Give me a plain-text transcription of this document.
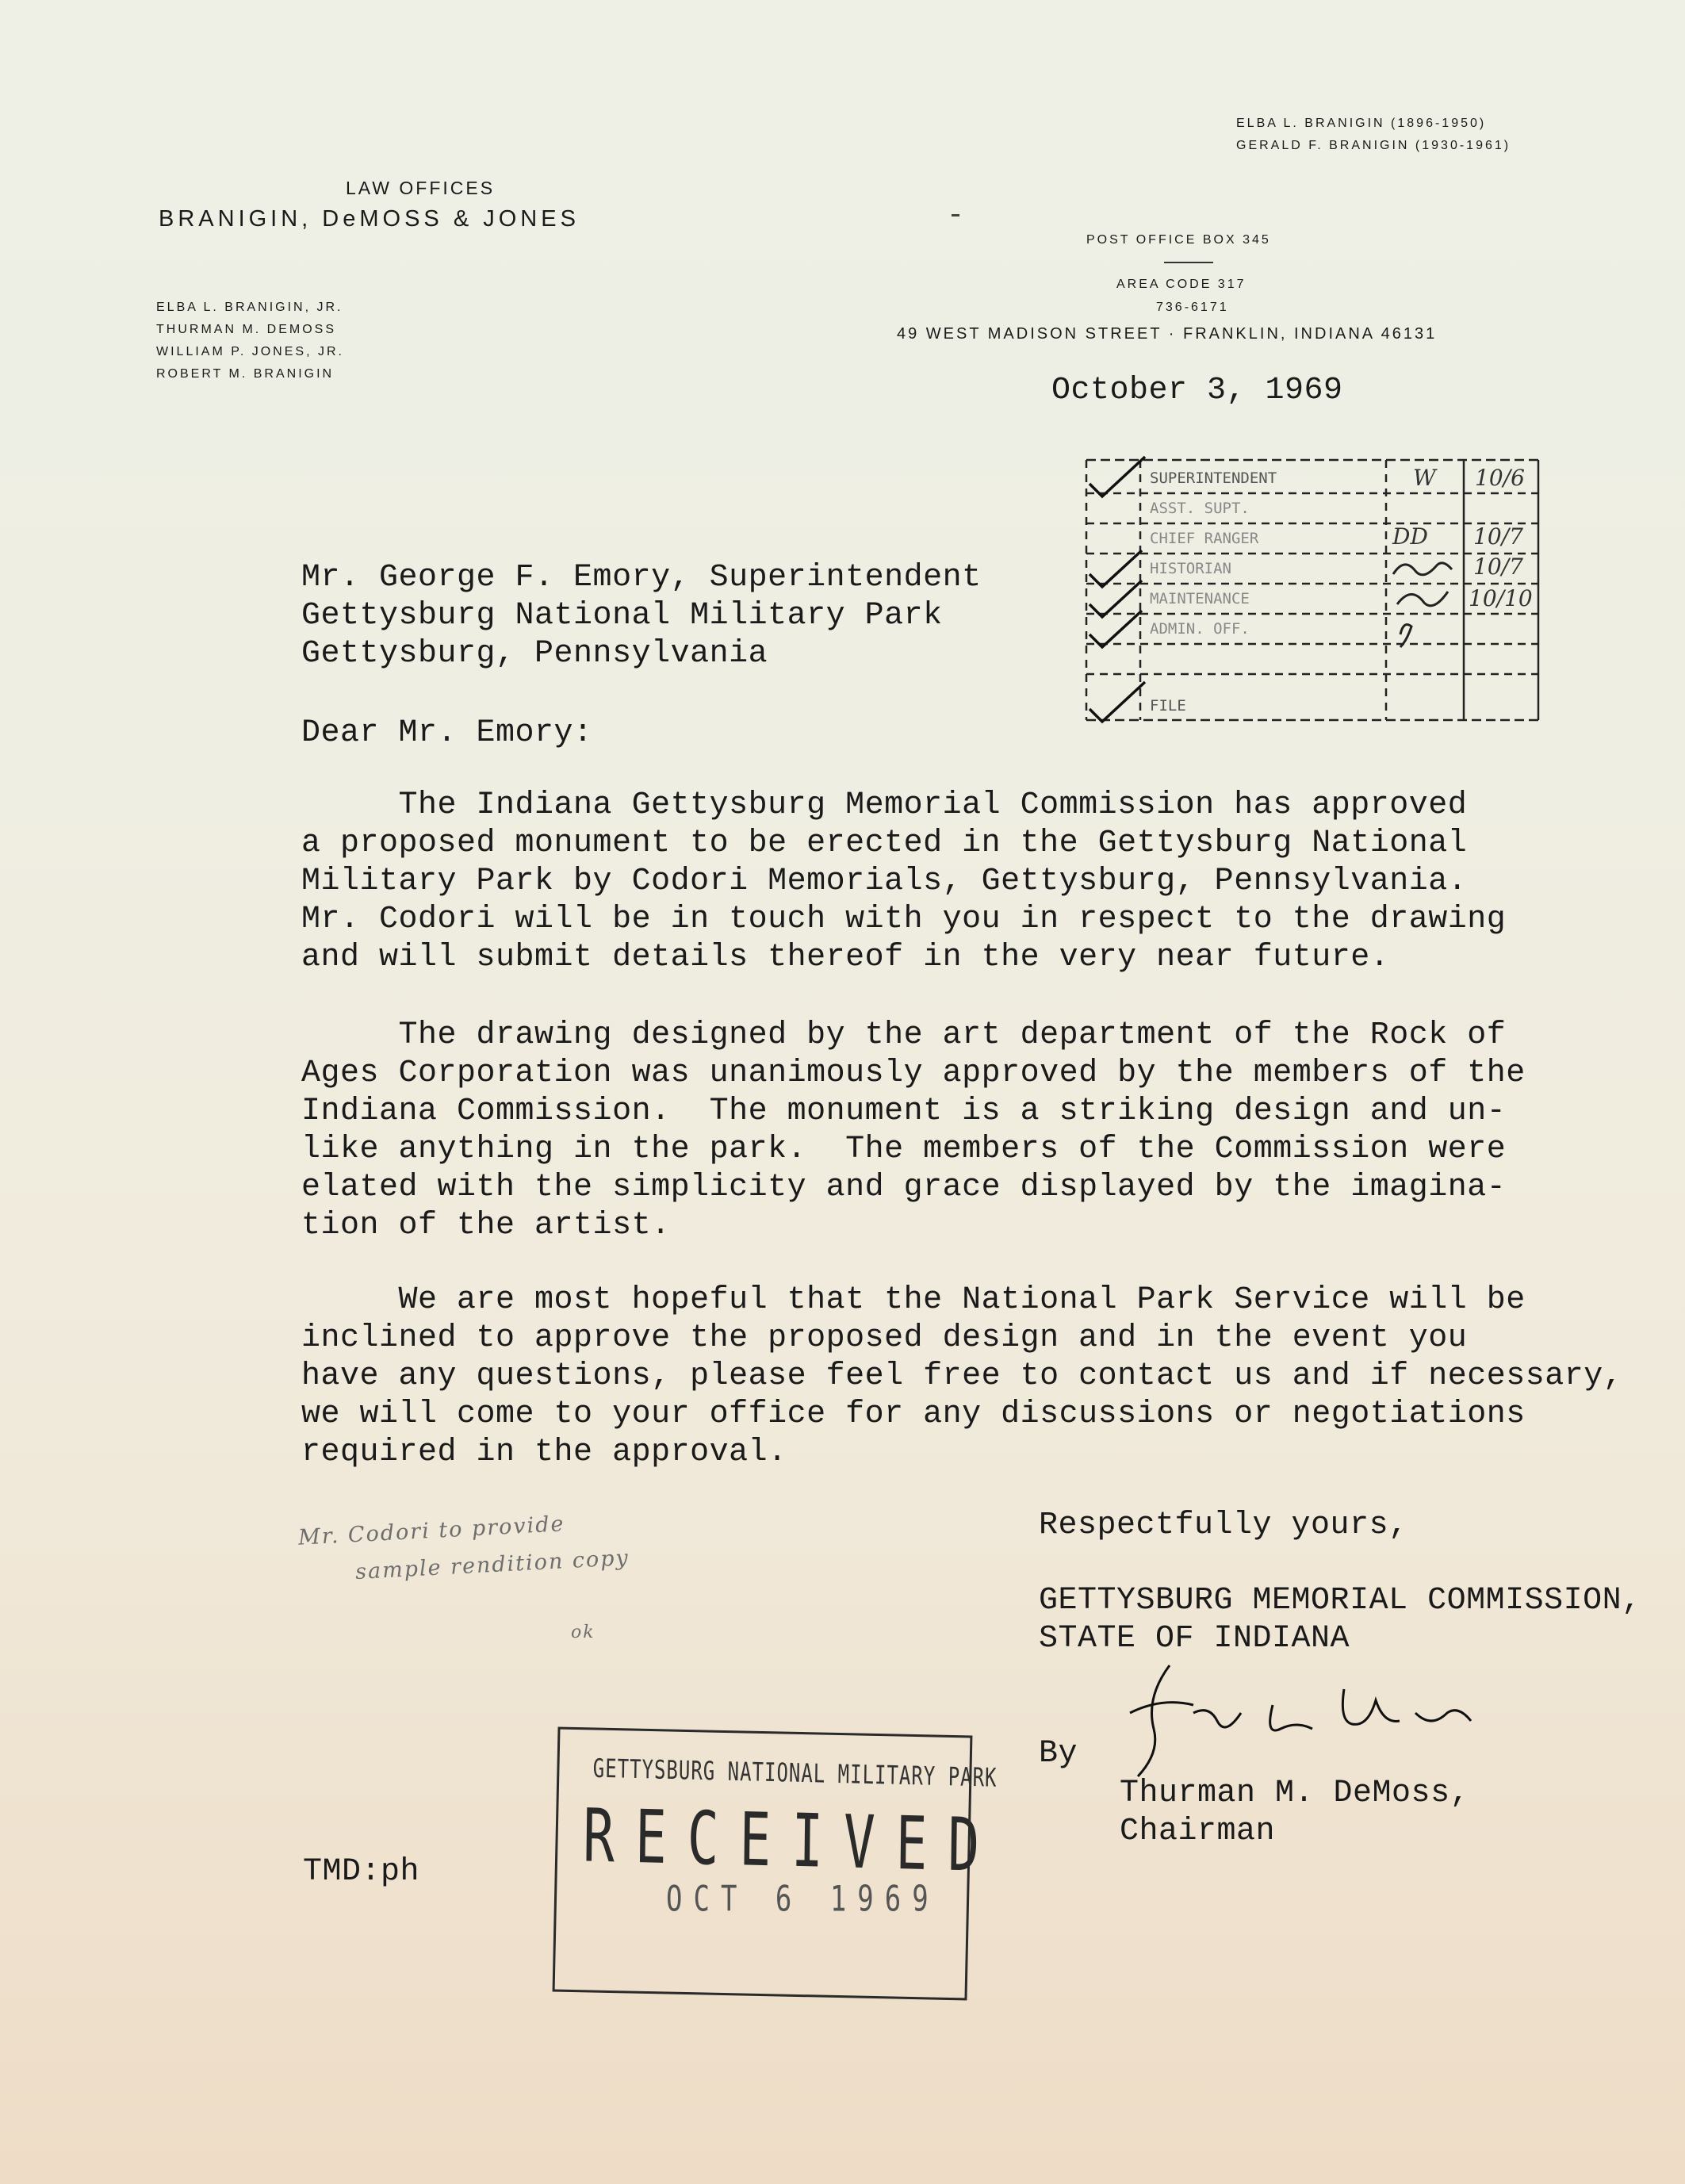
LAW OFFICES
BRANIGIN, DeMOSS & JONES
ELBA L. BRANIGIN, JR.
THURMAN M. DEMOSS
WILLIAM P. JONES, JR.
ROBERT M. BRANIGIN
ELBA L. BRANIGIN (1896-1950)
GERALD F. BRANIGIN (1930-1961)
POST OFFICE BOX 345
AREA CODE 317
736-6171
49 WEST MADISON STREET · FRANKLIN, INDIANA 46131
October 3, 1969
SUPERINTENDENT
ASST. SUPT.
CHIEF RANGER
HISTORIAN
MAINTENANCE
ADMIN. OFF.
FILE
W
DD
10/6
10/7
10/7
10/10
Mr. George F. Emory, Superintendent
Gettysburg National Military Park
Gettysburg, Pennsylvania
Dear Mr. Emory:
The Indiana Gettysburg Memorial Commission has approved
a proposed monument to be erected in the Gettysburg National
Military Park by Codori Memorials, Gettysburg, Pennsylvania.
Mr. Codori will be in touch with you in respect to the drawing
and will submit details thereof in the very near future.
The drawing designed by the art department of the Rock of
Ages Corporation was unanimously approved by the members of the
Indiana Commission.  The monument is a striking design and un-
like anything in the park.  The members of the Commission were
elated with the simplicity and grace displayed by the imagina-
tion of the artist.
We are most hopeful that the National Park Service will be
inclined to approve the proposed design and in the event you
have any questions, please feel free to contact us and if necessary,
we will come to your office for any discussions or negotiations
required in the approval.
Mr. Codori to provide
sample rendition copy
ok
Respectfully yours,
GETTYSBURG MEMORIAL COMMISSION,
STATE OF INDIANA
By
Thurman M. DeMoss,
Chairman
TMD:ph
GETTYSBURG NATIONAL MILITARY PARK
RECEIVED
OCT 6 1969
